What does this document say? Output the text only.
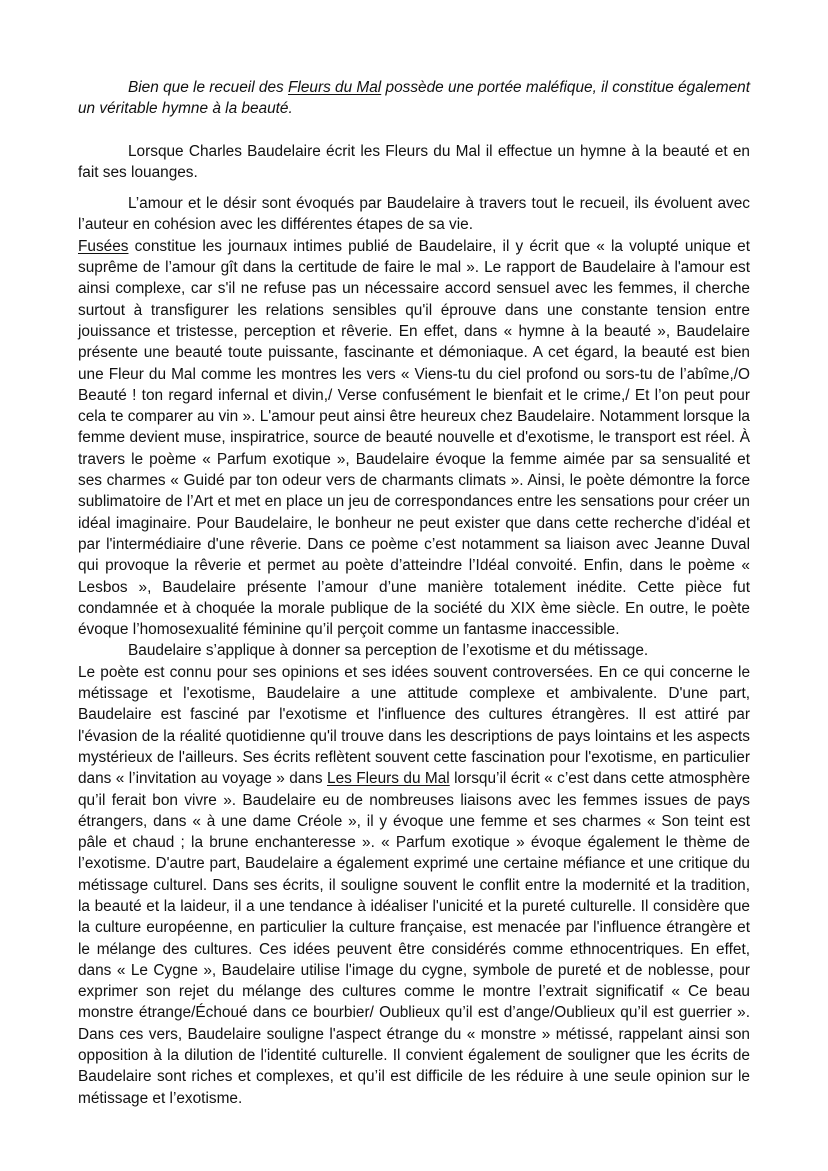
Bien que le recueil des Fleurs du Mal possède une portée maléfique, il constitue également un véritable hymne à la beauté.

Lorsque Charles Baudelaire écrit les Fleurs du Mal il effectue un hymne à la beauté et en fait ses louanges.

L’amour et le désir sont évoqués par Baudelaire à travers tout le recueil, ils évoluent avec l’auteur en cohésion avec les différentes étapes de sa vie.

Fusées constitue les journaux intimes publié de Baudelaire, il y écrit que « la volupté unique et suprême de l’amour gît dans la certitude de faire le mal ». Le rapport de Baudelaire à l'amour est ainsi complexe, car s'il ne refuse pas un nécessaire accord sensuel avec les femmes, il cherche surtout à transfigurer les relations sensibles qu'il éprouve dans une constante tension entre jouissance et tristesse, perception et rêverie. En effet, dans « hymne à la beauté », Baudelaire présente une beauté toute puissante, fascinante et démoniaque. A cet égard, la beauté est bien une Fleur du Mal comme les montres les vers « Viens-tu du ciel profond ou sors-tu de l’abîme,/O Beauté ! ton regard infernal et divin,/ Verse confusément le bienfait et le crime,/ Et l’on peut pour cela te comparer au vin ». L'amour peut ainsi être heureux chez Baudelaire. Notamment lorsque la femme devient muse, inspiratrice, source de beauté nouvelle et d'exotisme, le transport est réel. À travers le poème « Parfum exotique », Baudelaire évoque la femme aimée par sa sensualité et ses charmes « Guidé par ton odeur vers de charmants climats ». Ainsi, le poète démontre la force sublimatoire de l’Art et met en place un jeu de correspondances entre les sensations pour créer un idéal imaginaire. Pour Baudelaire, le bonheur ne peut exister que dans cette recherche d'idéal et par l'intermédiaire d'une rêverie. Dans ce poème c’est notamment sa liaison avec Jeanne Duval qui provoque la rêverie et permet au poète d’atteindre l’Idéal convoité. Enfin, dans le poème « Lesbos », Baudelaire présente l’amour d’une manière totalement inédite. Cette pièce fut condamnée et à choquée la morale publique de la société du XIX ème siècle. En outre, le poète évoque l’homosexualité féminine qu’il perçoit comme un fantasme inaccessible.

Baudelaire s’applique à donner sa perception de l’exotisme et du métissage.

Le poète est connu pour ses opinions et ses idées souvent controversées. En ce qui concerne le métissage et l'exotisme, Baudelaire a une attitude complexe et ambivalente. D'une part, Baudelaire est fasciné par l'exotisme et l'influence des cultures étrangères. Il est attiré par l'évasion de la réalité quotidienne qu'il trouve dans les descriptions de pays lointains et les aspects mystérieux de l'ailleurs. Ses écrits reflètent souvent cette fascination pour l'exotisme, en particulier dans « l’invitation au voyage » dans Les Fleurs du Mal lorsqu’il écrit « c’est dans cette atmosphère qu’il ferait bon vivre ». Baudelaire eu de nombreuses liaisons avec les femmes issues de pays étrangers, dans « à une dame Créole », il y évoque une femme et ses charmes « Son teint est pâle et chaud ; la brune enchanteresse ». « Parfum exotique » évoque également le thème de l’exotisme. D'autre part, Baudelaire a également exprimé une certaine méfiance et une critique du métissage culturel. Dans ses écrits, il souligne souvent le conflit entre la modernité et la tradition, la beauté et la laideur, il a une tendance à idéaliser l'unicité et la pureté culturelle. Il considère que la culture européenne, en particulier la culture française, est menacée par l'influence étrangère et le mélange des cultures. Ces idées peuvent être considérés comme ethnocentriques. En effet, dans « Le Cygne », Baudelaire utilise l'image du cygne, symbole de pureté et de noblesse, pour exprimer son rejet du mélange des cultures comme le montre l’extrait significatif « Ce beau monstre étrange/Échoué dans ce bourbier/ Oublieux qu’il est d’ange/Oublieux qu’il est guerrier ». Dans ces vers, Baudelaire souligne l'aspect étrange du « monstre » métissé, rappelant ainsi son opposition à la dilution de l'identité culturelle. Il convient également de souligner que les écrits de Baudelaire sont riches et complexes, et qu’il est difficile de les réduire à une seule opinion sur le métissage et l’exotisme.
